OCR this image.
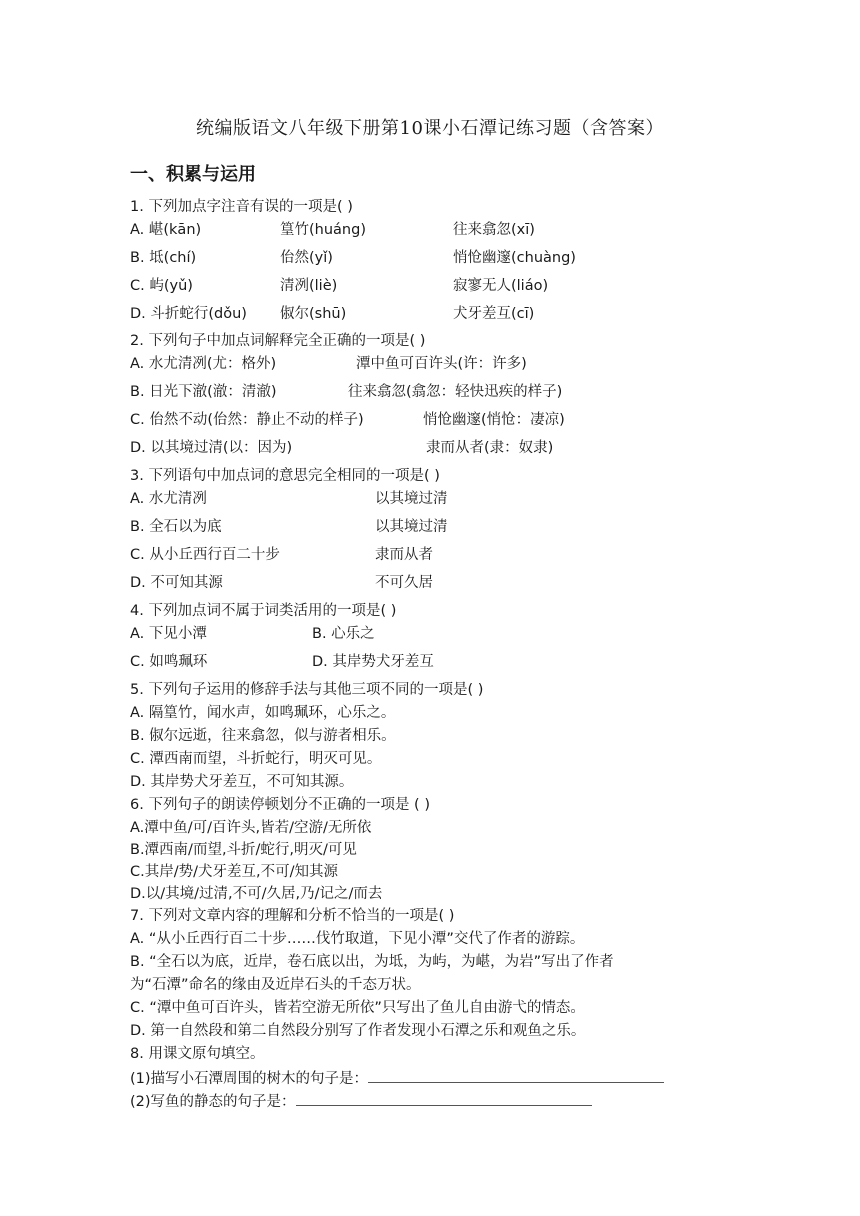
统编版语文八年级下册第10课小石潭记练习题（含答案）
一、积累与运用
1. 下列加点字注音有误的一项是( )
A. 嵁(kān)	篁竹(huáng)	往来翕忽(xī)
B. 坻(chí)	佁然(yǐ)	悄怆幽邃(chuàng)
C. 屿(yǔ)	清冽(liè)	寂寥无人(liáo)
D. 斗折蛇行(dǒu) 俶尔(shū)	犬牙差互(cī)
2. 下列句子中加点词解释完全正确的一项是( )
A. 水尤清冽(尤：格外)	潭中鱼可百许头(许：许多)
B. 日光下澈(澈：清澈)	往来翕忽(翕忽：轻快迅疾的样子)
C. 佁然不动(佁然：静止不动的样子)	悄怆幽邃(悄怆：凄凉)
D. 以其境过清(以：因为)	隶而从者(隶：奴隶)
3. 下列语句中加点词的意思完全相同的一项是( )
A. 水尤清冽	以其境过清
B. 全石以为底	以其境过清
C. 从小丘西行百二十步	隶而从者
D. 不可知其源	不可久居
4. 下列加点词不属于词类活用的一项是( )
A. 下见小潭	B. 心乐之
C. 如鸣珮环	D. 其岸势犬牙差互
5. 下列句子运用的修辞手法与其他三项不同的一项是( )
A. 隔篁竹，闻水声，如鸣珮环，心乐之。
B. 俶尔远逝，往来翕忽，似与游者相乐。
C. 潭西南而望，斗折蛇行，明灭可见。
D. 其岸势犬牙差互，不可知其源。
6. 下列句子的朗读停顿划分不正确的一项是 ( )
A.潭中鱼/可/百许头,皆若/空游/无所依
B.潭西南/而望,斗折/蛇行,明灭/可见
C.其岸/势/犬牙差互,不可/知其源
D.以/其境/过清,不可/久居,乃/记之/而去
7. 下列对文章内容的理解和分析不恰当的一项是( )
A. “从小丘西行百二十步……伐竹取道，下见小潭”交代了作者的游踪。
B. “全石以为底，近岸，卷石底以出，为坻，为屿，为嵁，为岩”写出了作者
为“石潭”命名的缘由及近岸石头的千态万状。
C. “潭中鱼可百许头，皆若空游无所依”只写出了鱼儿自由游弋的情态。
D. 第一自然段和第二自然段分别写了作者发现小石潭之乐和观鱼之乐。
8. 用课文原句填空。
(1)描写小石潭周围的树木的句子是：
(2)写鱼的静态的句子是：
